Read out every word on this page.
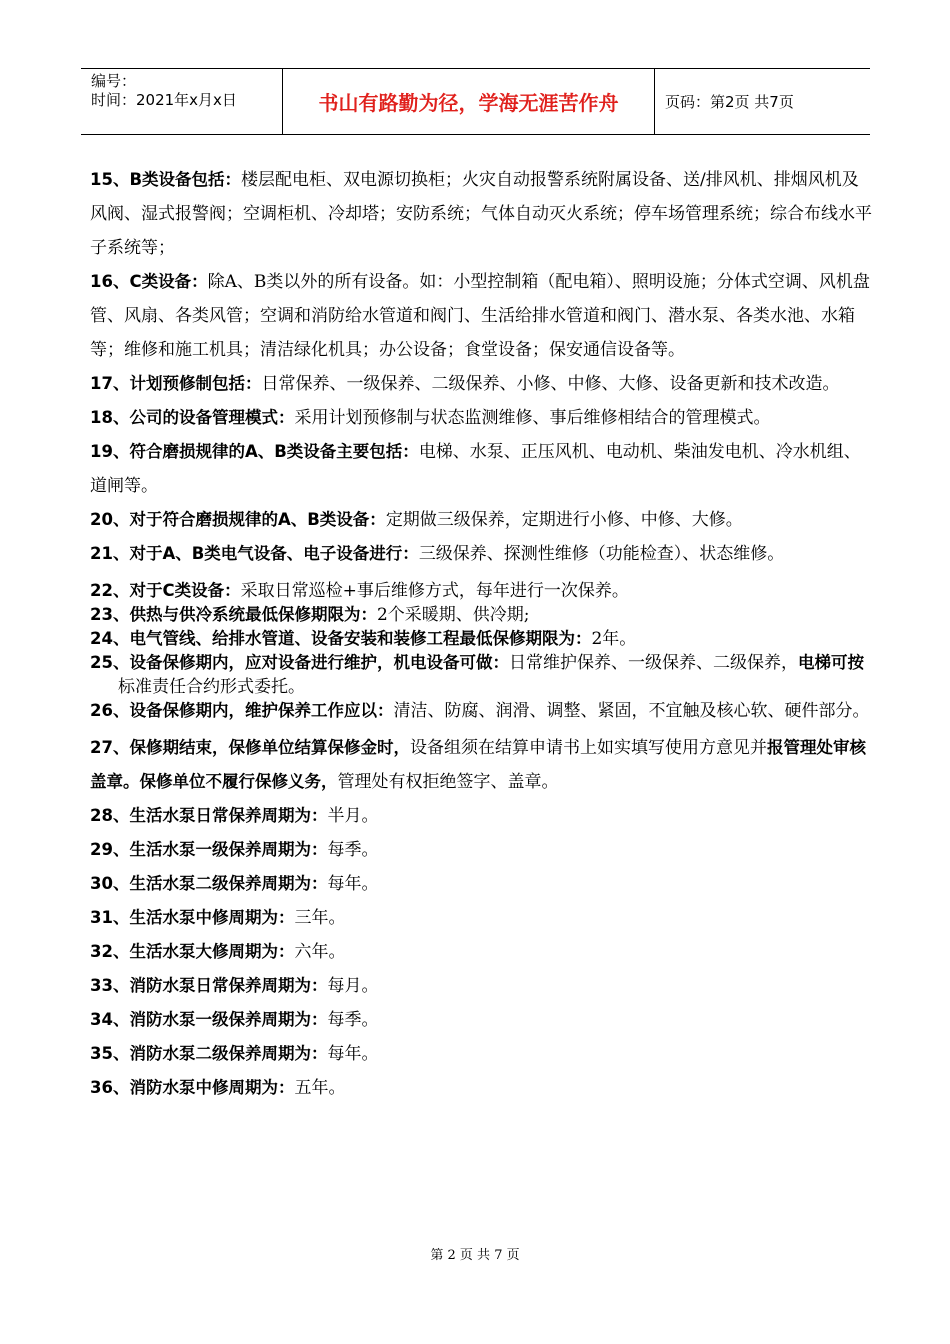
编号：
时间：2021年x月x日	书山有路勤为径，学海无涯苦作舟	页码：第2页 共7页
15、B类设备包括：楼层配电柜、双电源切换柜；火灾自动报警系统附属设备、送/排风机、排烟风机及风阀、湿式报警阀；空调柜机、冷却塔；安防系统；气体自动灭火系统；停车场管理系统；综合布线水平子系统等；
16、C类设备：除A、B类以外的所有设备。如：小型控制箱（配电箱）、照明设施；分体式空调、风机盘管、风扇、各类风管；空调和消防给水管道和阀门、生活给排水管道和阀门、潜水泵、各类水池、水箱等；维修和施工机具；清洁绿化机具；办公设备；食堂设备；保安通信设备等。
17、计划预修制包括：日常保养、一级保养、二级保养、小修、中修、大修、设备更新和技术改造。
18、公司的设备管理模式：采用计划预修制与状态监测维修、事后维修相结合的管理模式。
19、符合磨损规律的A、B类设备主要包括：电梯、水泵、正压风机、电动机、柴油发电机、冷水机组、道闸等。
20、对于符合磨损规律的A、B类设备：定期做三级保养，定期进行小修、中修、大修。
21、对于A、B类电气设备、电子设备进行：三级保养、探测性维修（功能检查）、状态维修。
22、对于C类设备：采取日常巡检+事后维修方式，每年进行一次保养。
23、供热与供冷系统最低保修期限为：2个采暖期、供冷期;
24、电气管线、给排水管道、设备安装和装修工程最低保修期限为：2年。
25、设备保修期内，应对设备进行维护，机电设备可做：日常维护保养、一级保养、二级保养，电梯可按标准责任合约形式委托。
26、设备保修期内，维护保养工作应以：清洁、防腐、润滑、调整、紧固，不宜触及核心软、硬件部分。
27、保修期结束，保修单位结算保修金时，设备组须在结算申请书上如实填写使用方意见并报管理处审核盖章。保修单位不履行保修义务，管理处有权拒绝签字、盖章。
28、生活水泵日常保养周期为：半月。
29、生活水泵一级保养周期为：每季。
30、生活水泵二级保养周期为：每年。
31、生活水泵中修周期为：三年。
32、生活水泵大修周期为：六年。
33、消防水泵日常保养周期为：每月。
34、消防水泵一级保养周期为：每季。
35、消防水泵二级保养周期为：每年。
36、消防水泵中修周期为：五年。
第 2 页 共 7 页
